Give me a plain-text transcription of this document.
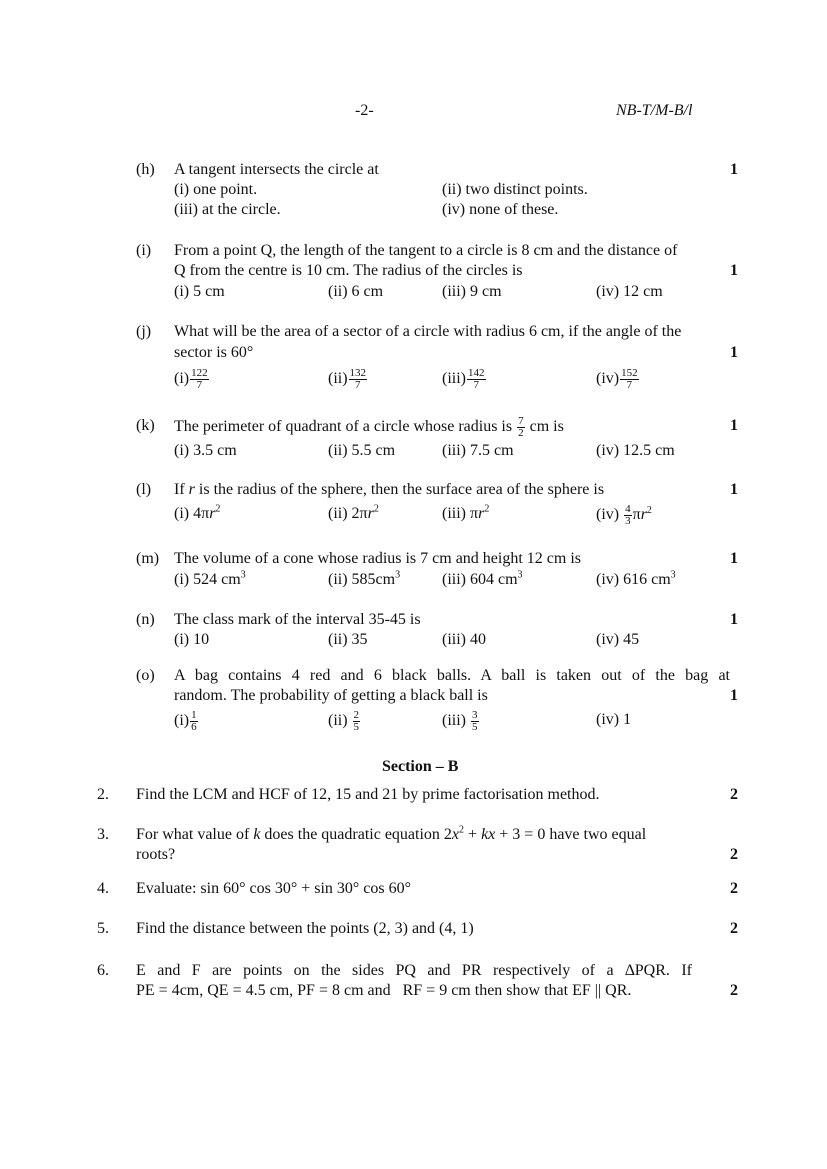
-2-	NB-T/M-B/l
(h) A tangent intersects the circle at	1
(i) one point.	(ii) two distinct points.
(iii) at the circle.	(iv) none of these.
(i) From a point Q, the length of the tangent to a circle is 8 cm and the distance of
Q from the centre is 10 cm. The radius of the circles is	1
(i) 5 cm	(ii) 6 cm	(iii) 9 cm	(iv) 12 cm
(j) What will be the area of a sector of a circle with radius 6 cm, if the angle of the
sector is 60°	1
$(i) \frac{122}{7}$	$(ii) \frac{132}{7}$	$(iii) \frac{142}{7}$	$(iv) \frac{152}{7}$
(k) The perimeter of quadrant of a circle whose radius is $\frac{7}{2}$ cm is	1
(i) 3.5 cm	(ii) 5.5 cm	(iii) 7.5 cm	(iv) 12.5 cm
(l) If r is the radius of the sphere, then the surface area of the sphere is	1
(i) $4\pi r^2$	(ii) $2\pi r^2$	(iii) $\pi r^2$	$(iv) \frac{4}{3} \pi r^2$
(m) The volume of a cone whose radius is 7 cm and height 12 cm is	1
(i) 524 $cm^3$	(ii) $585cm^3$	(iii) 604 $cm^3$	(iv) 616 $cm^3$
(n) The class mark of the interval 35-45 is	1
(i) 10	(ii) 35	(iii) 40	(iv) 45
(o) A bag contains 4 red and 6 black balls. A ball is taken out of the bag at
random. The probability of getting a black ball is	1
$(i) \frac{1}{6}$	$(ii) \frac{2}{5}$	$(iii) \frac{3}{5}$	(iv) 1
Section – B
2. Find the LCM and HCF of 12, 15 and 21 by prime factorisation method.	2
3. For what value of k does the quadratic equation $2x^2$ + kx + 3 = 0 have two equal
roots?	2
4. Evaluate: sin 60° cos 30° + sin 30° cos 60°	2
5. Find the distance between the points (2, 3) and (4, 1)	2
6. E and F are points on the sides PQ and PR respectively of a ∆PQR. If
PE = 4cm, QE = 4.5 cm, PF = 8 cm and   RF = 9 cm then show that EF || QR.	2
